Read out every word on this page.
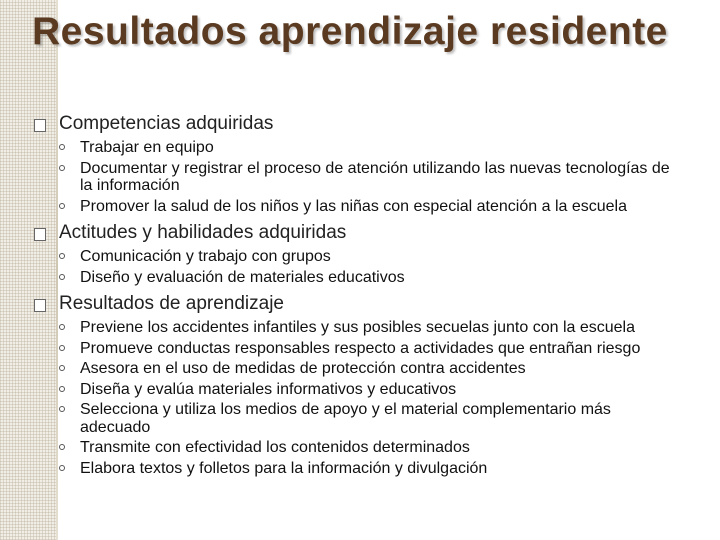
Resultados aprendizaje residente
Competencias adquiridas
Trabajar en equipo
Documentar y registrar el proceso de atención utilizando las nuevas tecnologías de la información
Promover la salud de los niños y las niñas con especial atención a la escuela
Actitudes y habilidades adquiridas
Comunicación y trabajo con grupos
Diseño y evaluación de materiales educativos
Resultados de aprendizaje
Previene los accidentes infantiles y sus posibles secuelas junto con la escuela
Promueve conductas responsables respecto a actividades que entrañan riesgo
Asesora en el uso de medidas de protección contra accidentes
Diseña y evalúa materiales informativos y educativos
Selecciona y utiliza los medios de apoyo y el material complementario más adecuado
Transmite con efectividad los contenidos determinados
Elabora textos y folletos para la información y divulgación
